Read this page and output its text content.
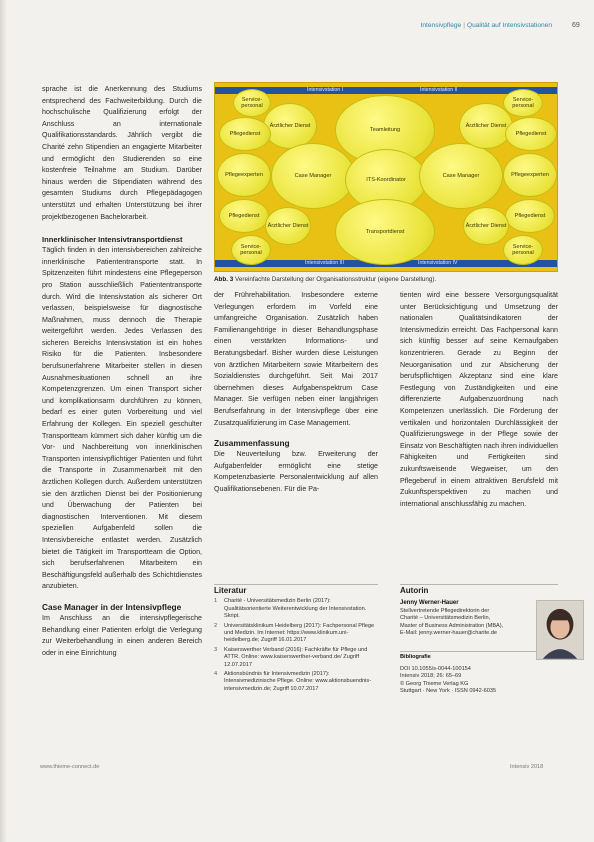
Intensivpflege | Qualität auf Intensivstationen	69

sprache ist die Anerkennung des Studiums entsprechend des Fachweiterbildung. Durch die hochschulische Qualifizierung erfolgt der Anschluss an internationale Qualifikationsstandards. Jährlich vergibt die Charité zehn Stipendien an engagierte Mitarbeiter und ermöglicht den Studierenden so eine kostenfreie Teilnahme am Studium. Darüber hinaus werden die Stipendiaten während des gesamten Studiums durch Pflegepädagogen unterstützt und erhalten Unterstützung bei ihrer projektbezogenen Bachelorarbeit.

Innerklinischer Intensivtransportdienst

Täglich finden in den intensivbereichen zahlreiche innerklinische Patiententransporte statt. In Spitzenzeiten führt mindestens eine Pflegeperson pro Station ausschließlich Patiententransporte durch. Wird die Intensivstation als sicherer Ort verlassen, beispielsweise für diagnostische Maßnahmen, muss dennoch die Therapie weitergeführt werden. Jedes Verlassen des sicheren Bereichs Intensivstation ist ein hohes Risiko für die Patienten. Insbesondere berufsunerfahrene Mitarbeiter stellen in diesen Ausnahmesituationen schnell an ihre Kompetenzgrenzen. Um einen Transport sicher und komplikationsarm durchführen zu können, bedarf es einer guten Vorbereitung und viel Erfahrung der Kollegen. Ein speziell geschulter Transportteam kümmert sich daher künftig um die Vor- und Nachbereitung von innerklinischen Transporten intensivpflichtiger Patienten und führt die Transporte in Zusammenarbeit mit den ärztlichen Kollegen durch. Außerdem unterstützen sie den ärztlichen Dienst bei der Positionierung und Überwachung der Patienten bei diagnostischen Interventionen. Mit diesem speziellen Aufgabenfeld sollen die Intensivbereiche entlastet werden. Zusätzlich bietet die Tätigkeit im Transportteam die Option, sich berufserfahrenen Mitarbeitern ein Beschäftigungsfeld außerhalb des Schichtdienstes anzubieten.

Case Manager in der Intensivpflege

Im Anschluss an die intensivpflegerische Behandlung einer Patienten erfolgt die Verlegung zur Weiterbehandlung in einen anderen Bereich oder in eine Einrichtung

Intensivstation I	Intensivstation II
Intensivstation III	Intensivstation IV
Service-personal
Ärztlicher Dienst
Pflegedienst
Pflegeexperten	Case Manager
Pflegedienst
Ärztlicher Dienst
Service-personal
Teamleitung
ITS-Koordinator
Transportdienst
Case Manager
Service-personal
Ärztlicher Dienst
Pflegedienst
Pflegeexperten
Pflegedienst
Ärztlicher Dienst
Service-personal
Abb. 3 Vereinfachte Darstellung der Organisationsstruktur (eigene Darstellung).

der Frührehabilitation. Insbesondere externe Verlegungen erfordern im Vorfeld eine umfangreiche Organisation. Zusätzlich haben Familienangehörige in dieser Behandlungsphase einen verstärkten Informations- und Beratungsbedarf. Bisher wurden diese Leistungen von ärztlichen Mitarbeitern sowie Mitarbeitern des Sozialdienstes durchgeführt. Seit Mai 2017 übernehmen dieses Aufgabenspektrum Case Manager. Sie verfügen neben einer langjährigen Berufserfahrung in der Intensivpflege über eine Zusatzqualifizierung im Case Management.

Zusammenfassung

Die Neuverteilung bzw. Erweiterung der Aufgabenfelder ermöglicht eine stetige Kompetenzbasierte Personalentwicklung auf allen Qualifikationsebenen. Für die Pa-

tienten wird eine bessere Versorgungsqualität unter Berücksichtigung und Umsetzung der nationalen Qualitätsindikatoren der Intensivmedizin erreicht. Das Fachpersonal kann sich künftig besser auf seine Kernaufgaben konzentrieren. Gerade zu Beginn der Neuorganisation und zur Absicherung der berufspflichtigen Akzeptanz sind eine klare Festlegung von Zuständigkeiten und eine differenzierte Aufgabenzuordnung nach Kompetenzen unerlässlich. Die Förderung der vertikalen und horizontalen Durchlässigkeit der Qualifizierungswege in der Pflege sowie der Einsatz von Beschäftigten nach ihren individuellen Fähigkeiten und Fertigkeiten sind zukunftsweisende Wegweiser, um den Pflegeberuf in einem attraktiven Berufsfeld mit Zukunftsperspektiven zu machen und international anschlussfähig zu machen.

Literatur
1	Charité - Universitätsmedizin Berlin (2017): Qualitätsorientierte Weiterentwicklung der Intensivstation. Skript.
2	Universitätsklinikum Heidelberg (2017): Fachpersonal Pflege und Medizin. Im Internet: https://www.klinikum.uni-heidelberg.de; Zugriff 16.01.2017
3	Kaiserswerther Verband (2016): Fachkräfte für Pflege und ATTR. Online: www.kaiserswerther-verband.de/ Zugriff 12.07.2017
4	Aktionsbündnis für Intensivmedizin (2017): Intensivmedizinische Pflege. Online: www.aktionsbuendnis-intensivmedizin.de; Zugriff 10.07.2017
Autorin
Jenny Werner-Hauer
Stellvertretende Pflegedirektorin der
Charité – Universitätsmedizin Berlin,
Master of Business Administration (MBA),
E-Mail: jenny.werner-hauer@charite.de
Bibliografie
DOI 10.1055/s-0044-100154
Intensiv 2018; 26: 65–69
© Georg Thieme Verlag KG
Stuttgart · New York · ISSN 0942-6035
www.thieme-connect.de	Intensiv 2018
